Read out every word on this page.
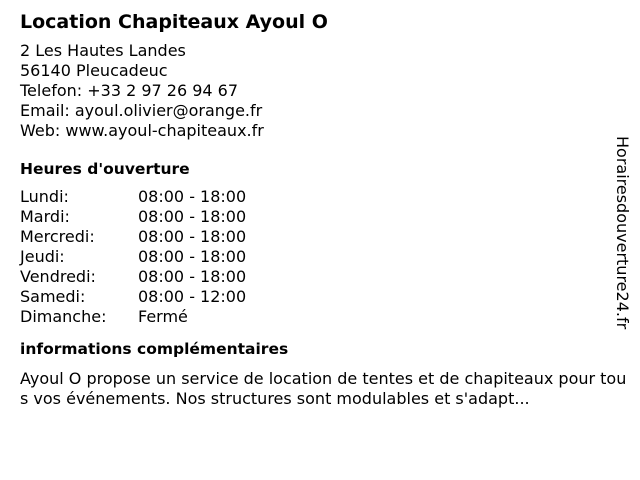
Location Chapiteaux Ayoul O
2 Les Hautes Landes
56140 Pleucadeuc
Telefon: +33 2 97 26 94 67
Email: ayoul.olivier@orange.fr
Web: www.ayoul-chapiteaux.fr
Heures d'ouverture
Lundi:	08:00 - 18:00
Mardi:	08:00 - 18:00
Mercredi:	08:00 - 18:00
Jeudi:	08:00 - 18:00
Vendredi:	08:00 - 18:00
Samedi:	08:00 - 12:00
Dimanche:	Fermé
informations complémentaires
Ayoul O propose un service de location de tentes et de chapiteaux pour tous vos événements. Nos structures sont modulables et s'adapt...
Horairesdouverture24.fr
